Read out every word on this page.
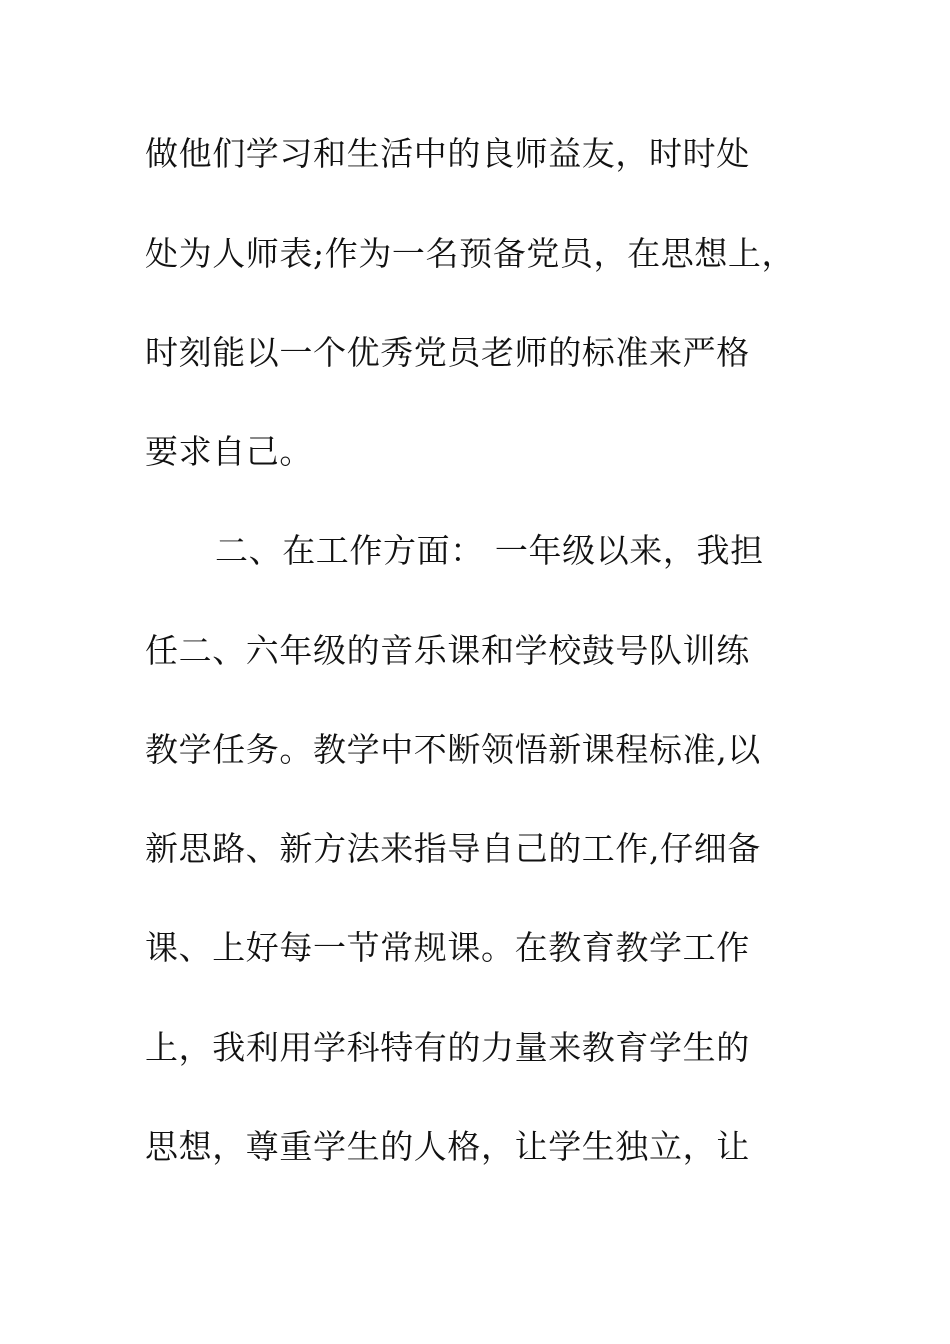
做他们学习和生活中的良师益友，时时处
处为人师表;作为一名预备党员，在思想上，
时刻能以一个优秀党员老师的标准来严格
要求自己。
二、在工作方面： 一年级以来，我担
任二、六年级的音乐课和学校鼓号队训练
教学任务。教学中不断领悟新课程标准,以
新思路、新方法来指导自己的工作,仔细备
课、上好每一节常规课。在教育教学工作
上，我利用学科特有的力量来教育学生的
思想，尊重学生的人格，让学生独立，让
